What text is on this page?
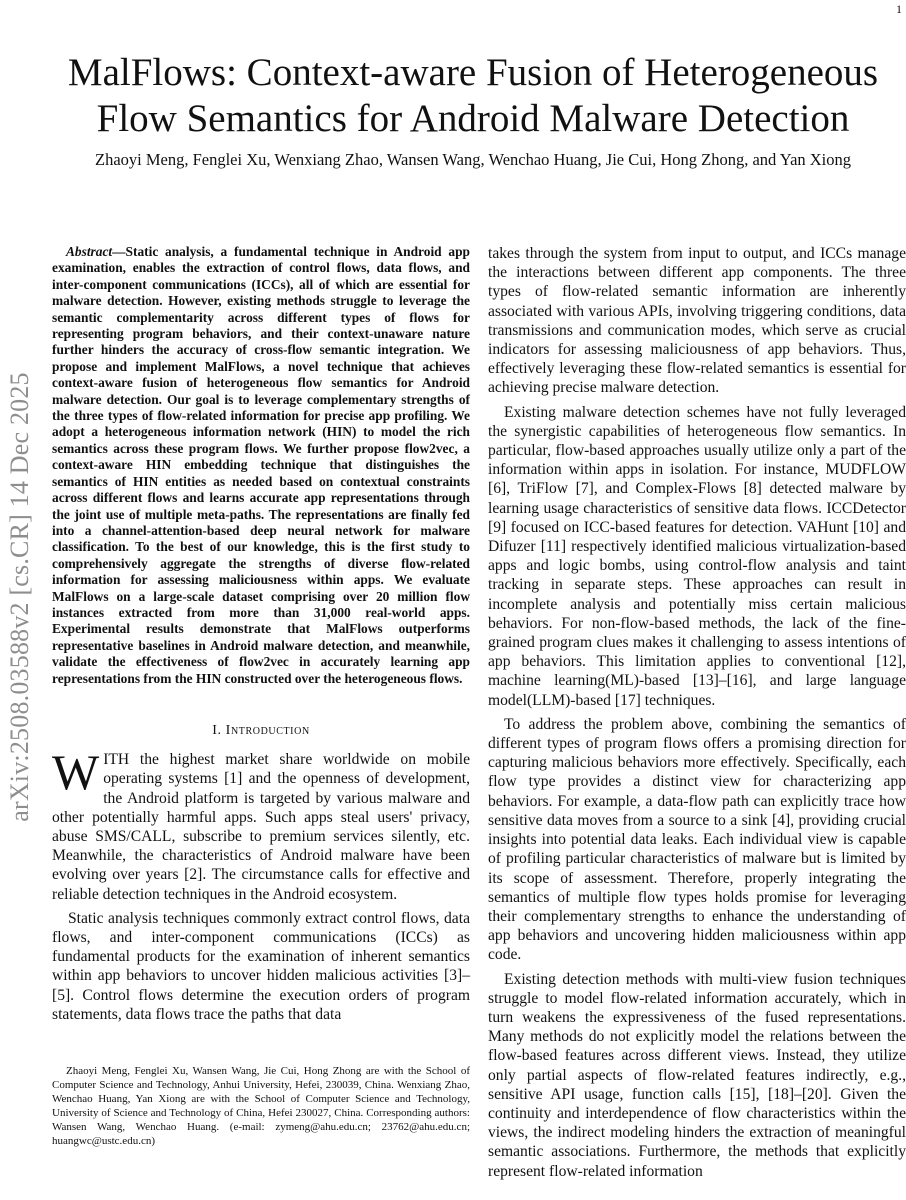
1
arXiv:2508.03588v2 [cs.CR] 14 Dec 2025
MalFlows: Context-aware Fusion of Heterogeneous Flow Semantics for Android Malware Detection

Zhaoyi Meng, Fenglei Xu, Wenxiang Zhao, Wansen Wang, Wenchao Huang, Jie Cui, Hong Zhong, and Yan Xiong

Abstract—Static analysis, a fundamental technique in Android app examination, enables the extraction of control flows, data flows, and inter-component communications (ICCs), all of which are essential for malware detection. However, existing methods struggle to leverage the semantic complementarity across different types of flows for representing program behaviors, and their context-unaware nature further hinders the accuracy of cross-flow semantic integration. We propose and implement MalFlows, a novel technique that achieves context-aware fusion of heterogeneous flow semantics for Android malware detection. Our goal is to leverage complementary strengths of the three types of flow-related information for precise app profiling. We adopt a heterogeneous information network (HIN) to model the rich semantics across these program flows. We further propose flow2vec, a context-aware HIN embedding technique that distinguishes the semantics of HIN entities as needed based on contextual constraints across different flows and learns accurate app representations through the joint use of multiple meta-paths. The representations are finally fed into a channel-attention-based deep neural network for malware classification. To the best of our knowledge, this is the first study to comprehensively aggregate the strengths of diverse flow-related information for assessing maliciousness within apps. We evaluate MalFlows on a large-scale dataset comprising over 20 million flow instances extracted from more than 31,000 real-world apps. Experimental results demonstrate that MalFlows outperforms representative baselines in Android malware detection, and meanwhile, validate the effectiveness of flow2vec in accurately learning app representations from the HIN constructed over the heterogeneous flows.

I. Introduction

WITH the highest market share worldwide on mobile operating systems [1] and the openness of development, the Android platform is targeted by various malware and other potentially harmful apps. Such apps steal users' privacy, abuse SMS/CALL, subscribe to premium services silently, etc. Meanwhile, the characteristics of Android malware have been evolving over years [2]. The circumstance calls for effective and reliable detection techniques in the Android ecosystem.

Static analysis techniques commonly extract control flows, data flows, and inter-component communications (ICCs) as fundamental products for the examination of inherent semantics within app behaviors to uncover hidden malicious activities [3]–[5]. Control flows determine the execution orders of program statements, data flows trace the paths that data

Zhaoyi Meng, Fenglei Xu, Wansen Wang, Jie Cui, Hong Zhong are with the School of Computer Science and Technology, Anhui University, Hefei, 230039, China. Wenxiang Zhao, Wenchao Huang, Yan Xiong are with the School of Computer Science and Technology, University of Science and Technology of China, Hefei 230027, China. Corresponding authors: Wansen Wang, Wenchao Huang. (e-mail: zymeng@ahu.edu.cn; 23762@ahu.edu.cn; huangwc@ustc.edu.cn)

takes through the system from input to output, and ICCs manage the interactions between different app components. The three types of flow-related semantic information are inherently associated with various APIs, involving triggering conditions, data transmissions and communication modes, which serve as crucial indicators for assessing maliciousness of app behaviors. Thus, effectively leveraging these flow-related semantics is essential for achieving precise malware detection.

Existing malware detection schemes have not fully leveraged the synergistic capabilities of heterogeneous flow semantics. In particular, flow-based approaches usually utilize only a part of the information within apps in isolation. For instance, MUDFLOW [6], TriFlow [7], and Complex-Flows [8] detected malware by learning usage characteristics of sensitive data flows. ICCDetector [9] focused on ICC-based features for detection. VAHunt [10] and Difuzer [11] respectively identified malicious virtualization-based apps and logic bombs, using control-flow analysis and taint tracking in separate steps. These approaches can result in incomplete analysis and potentially miss certain malicious behaviors. For non-flow-based methods, the lack of the fine-grained program clues makes it challenging to assess intentions of app behaviors. This limitation applies to conventional [12], machine learning(ML)-based [13]–[16], and large language model(LLM)-based [17] techniques.

To address the problem above, combining the semantics of different types of program flows offers a promising direction for capturing malicious behaviors more effectively. Specifically, each flow type provides a distinct view for characterizing app behaviors. For example, a data-flow path can explicitly trace how sensitive data moves from a source to a sink [4], providing crucial insights into potential data leaks. Each individual view is capable of profiling particular characteristics of malware but is limited by its scope of assessment. Therefore, properly integrating the semantics of multiple flow types holds promise for leveraging their complementary strengths to enhance the understanding of app behaviors and uncovering hidden maliciousness within app code.

Existing detection methods with multi-view fusion techniques struggle to model flow-related information accurately, which in turn weakens the expressiveness of the fused representations. Many methods do not explicitly model the relations between the flow-based features across different views. Instead, they utilize only partial aspects of flow-related features indirectly, e.g., sensitive API usage, function calls [15], [18]–[20]. Given the continuity and interdependence of flow characteristics within the views, the indirect modeling hinders the extraction of meaningful semantic associations. Furthermore, the methods that explicitly represent flow-related information
